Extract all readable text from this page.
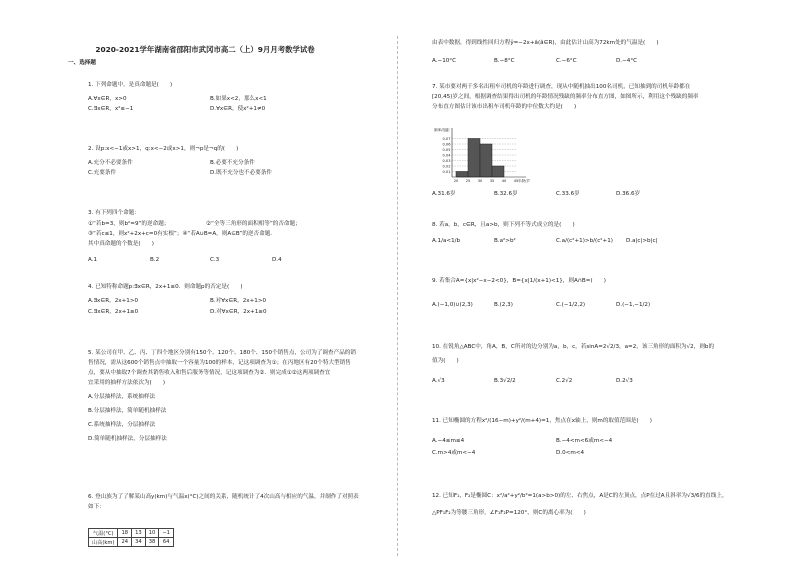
2020-2021学年湖南省邵阳市武冈市高二（上）9月月考数学试卷
一、选择题
1. 下列命题中，是真命题是(　　)
A.∀x∈R，x>0	B.如果x<2，那么x<1
C.∃x∈R，x²≤−1	D.∀x∈R，使x²+1≠0
2. 设p:x<−1或x>1，q:x<−2或x>1，则¬p是¬q的(　　)
A.充分不必要条件	B.必要不充分条件
C.充要条件	D.既不充分也不必要条件
3. 有下列四个命题：
①“若b=3，则b²=9”的逆命题；	②“全等三角形的面积相等”的否命题；
③“若c≤1，则x²+2x+c=0有实根”；④“若A∪B=A，则A⊆B”的逆否命题．
其中真命题的个数是(　　)
A.1	B.2	C.3	D.4
4. 已知特称命题p:∃x∈R，2x+1≤0．则命题p的否定是(　　)
A.∃x∈R，2x+1>0	B.对∀x∈R，2x+1>0
C.∃x∈R，2x+1≥0	D.对∀x∈R，2x+1≥0
5. 某公司在甲、乙、丙、丁四个地区分别有150个、120个、180个、150个销售点，公司为了调查产品的销
售情况，需从这600个销售点中抽取一个容量为100的样本，记这项调查为①；在丙地区有20个特大型销售
点，要从中抽取7个调查其销售收入和售后服务等情况，记这项调查为②．则完成①②这两项调查宜
宜采用的抽样方法依次为(　　)
A.分层抽样法，系统抽样法
B.分层抽样法，简单随机抽样法
C.系统抽样法，分层抽样法
D.简单随机抽样法，分层抽样法
6. 登山族为了了解某山高y(km)与气温x(°C)之间的关系，随机统计了4次山高与相应的气温，并制作了对照表
如下：
气温(°C)	18	13	10	−1
山高(km)	24	34	38	64
由表中数据，得到线性回归方程ŷ=−2x+â(â∈R)，由此估计山高为72km处的气温是(　　)
A.−10°C	B.−8°C	C.−6°C	D.−4°C
7. 某市要对两千多名出租车司机的年龄进行调查，现从中随机抽出100名司机，已知抽到的司机年龄都在
[20,45)岁之间，根据调查结果得出司机的年龄情况残缺的频率分布直方图，如图所示，利用这个残缺的频率
分布直方图估计该市出租车司机年龄的中位数大约是(　　)
0.07
0.06
0.05
0.04
0.03
0.02
0.01
20 25 30 35 40 45
频率/组距
年龄/岁
A.31.6岁	B.32.6岁	C.33.6岁	D.36.6岁
8. 若a，b，c∈R，且a>b，则下列不等式成立的是(　　)
A.1/a<1/b	B.a²>b²	C.a/(c²+1)>b/(c²+1) D.a|c|>b|c|
9. 若集合A={x|x²−x−2<0}，B={x|1/(x+1)<1}，则A∩B=(　　)
A.(−1,0)∪(2,3)	B.(2,3)	C.(−1/2,2)	D.(−1,−1/2)
10. 在锐角△ABC中，角A，B，C所对的边分别为a，b，c，若sinA=2√2/3，a=2，该三角形的面积为√2，则b的
值为(　　)
A.√3	B.3√2/2	C.2√2	D.2√3
11. 已知椭圆的方程x²/(16−m)+y²/(m+4)=1，焦点在x轴上，则m的取值范围是(　　)
A.−4≤m≤4	B.−4<m<6或m<−4
C.m>4或m<−4	D.0<m<4
12. 已知F₁，F₂是椭圆C：x²/a²+y²/b²=1(a>b>0)的左、右焦点，A是C的左顶点，点P在过A且斜率为√3/6的直线上，
△PF₁F₂为等腰三角形，∠F₁F₂P=120°，则C的离心率为(　　)
